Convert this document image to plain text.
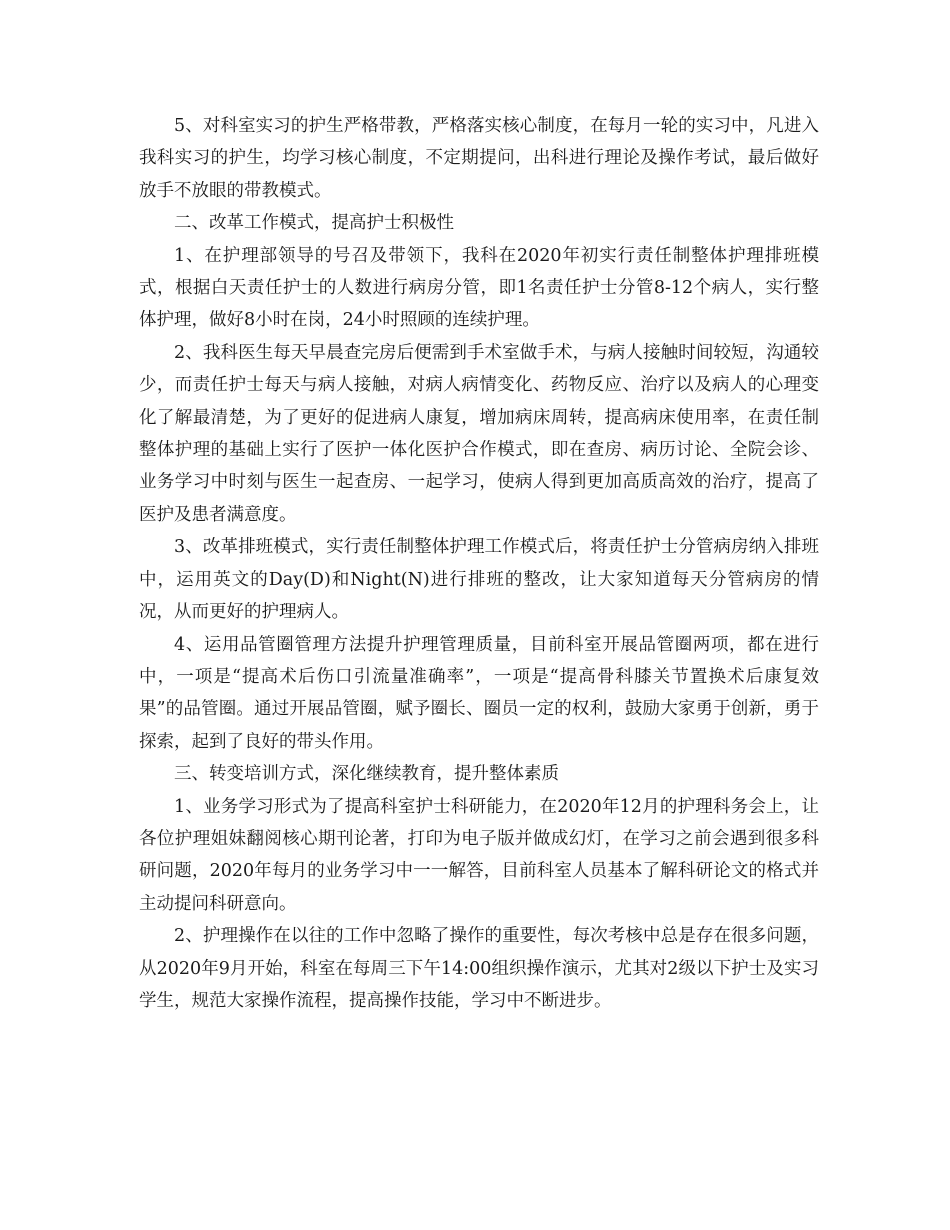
5、对科室实习的护生严格带教，严格落实核心制度，在每月一轮的实习中，凡进入我科实习的护生，均学习核心制度，不定期提问，出科进行理论及操作考试，最后做好放手不放眼的带教模式。

二、改革工作模式，提高护士积极性

1、在护理部领导的号召及带领下，我科在2020年初实行责任制整体护理排班模式，根据白天责任护士的人数进行病房分管，即1名责任护士分管8-12个病人，实行整体护理，做好8小时在岗，24小时照顾的连续护理。

2、我科医生每天早晨查完房后便需到手术室做手术，与病人接触时间较短，沟通较少，而责任护士每天与病人接触，对病人病情变化、药物反应、治疗以及病人的心理变化了解最清楚，为了更好的促进病人康复，增加病床周转，提高病床使用率，在责任制整体护理的基础上实行了医护一体化医护合作模式，即在查房、病历讨论、全院会诊、业务学习中时刻与医生一起查房、一起学习，使病人得到更加高质高效的治疗，提高了医护及患者满意度。

3、改革排班模式，实行责任制整体护理工作模式后，将责任护士分管病房纳入排班中，运用英文的Day(D)和Night(N)进行排班的整改，让大家知道每天分管病房的情况，从而更好的护理病人。

4、运用品管圈管理方法提升护理管理质量，目前科室开展品管圈两项，都在进行中，一项是“提高术后伤口引流量准确率”，一项是“提高骨科膝关节置换术后康复效果”的品管圈。通过开展品管圈，赋予圈长、圈员一定的权利，鼓励大家勇于创新，勇于探索，起到了良好的带头作用。

三、转变培训方式，深化继续教育，提升整体素质

1、业务学习形式为了提高科室护士科研能力，在2020年12月的护理科务会上，让各位护理姐妹翻阅核心期刊论著，打印为电子版并做成幻灯，在学习之前会遇到很多科研问题，2020年每月的业务学习中一一解答，目前科室人员基本了解科研论文的格式并主动提问科研意向。

2、护理操作在以往的工作中忽略了操作的重要性，每次考核中总是存在很多问题，从2020年9月开始，科室在每周三下午14:00组织操作演示，尤其对2级以下护士及实习学生，规范大家操作流程，提高操作技能，学习中不断进步。
